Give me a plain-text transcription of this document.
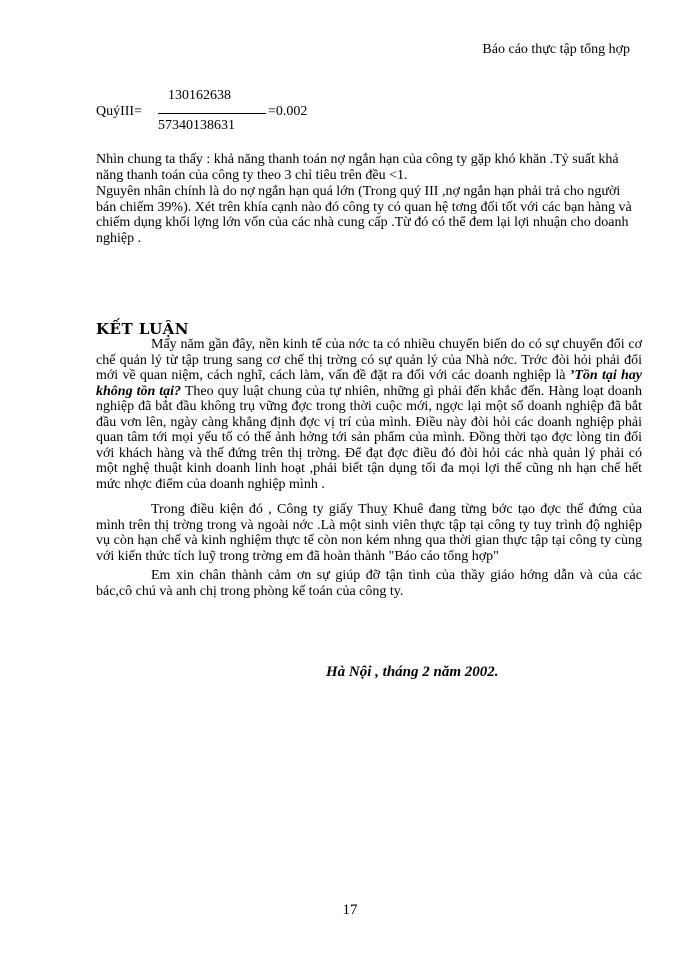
Báo cáo thực tập tổng hợp
QuýIII=
130162638
57340138631
=0.002
Nhìn chung ta thấy : khả năng thanh toán nợ ngắn hạn của công ty gặp khó khăn .Tỷ suất khả năng thanh toán của công ty theo 3 chỉ tiêu trên đều <1.
Nguyên nhân chính là do nợ ngắn hạn quá lớn (Trong quý III ,nợ ngắn hạn phải trả cho người bán chiếm 39%). Xét trên khía cạnh nào đó công ty có quan hệ tơng đối tốt với các bạn hàng và chiếm dụng khối lợng lớn vốn của các nhà cung cấp .Từ đó có thể đem lại lợi nhuận cho doanh nghiệp .
KẾT LUẬN

Mấy năm gần đây, nền kinh tế của nớc ta có nhiều chuyển biến do có sự chuyển đổi cơ chế quản lý từ tập trung sang cơ chế thị trờng có sự quản lý của Nhà nớc. Trớc đòi hỏi phải đổi mới về quan niệm, cách nghĩ, cách làm, vấn đề đặt ra đối với các doanh nghiệp là ’Tồn tại hay không tồn tại? Theo quy luật chung của tự nhiên, những gì phải đến khắc đến. Hàng loạt doanh nghiệp đã bắt đầu không trụ vững đợc trong thời cuộc mới, ngợc lại một số doanh nghiệp đã bắt đầu vơn lên, ngày càng khẳng định đợc vị trí của mình. Điều này đòi hỏi các doanh nghiệp phải quan tâm tới mọi yếu tố có thể ảnh hởng tới sản phẩm của mình. Đồng thời tạo đợc lòng tin đối với khách hàng và thế đứng trên thị trờng. Để đạt đợc điều đó đòi hỏi các nhà quản lý phải có một nghệ thuật kinh doanh linh hoạt ,phải biết tận dụng tối đa mọi lợi thế cũng nh hạn chế hết mức nhợc điểm của doanh nghiệp mình .

Trong điều kiện đó , Công ty giấy Thuỵ Khuê đang từng bớc tạo đợc thế đứng của mình trên thị trờng trong và ngoài nớc .Là một sinh viên thực tập tại công ty tuy trình độ nghiệp vụ còn hạn chế và kinh nghiệm thực tế còn non kém nhng qua thời gian thực tập tại công ty cùng với kiến thức tích luỹ trong trờng em đã hoàn thành "Báo cáo tổng hợp"

Em xin chân thành cảm ơn sự giúp đỡ tận tình của thầy giáo hớng dẫn và của các bác,cô chú và anh chị trong phòng kế toán của công ty.

Hà Nội , tháng 2 năm 2002.
17
